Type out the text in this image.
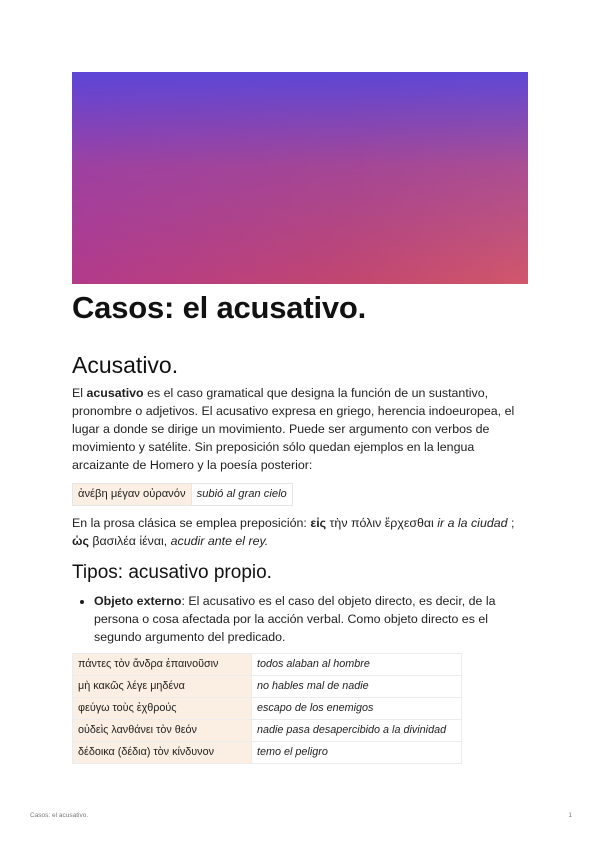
Casos: el acusativo.
Acusativo.

El acusativo es el caso gramatical que designa la función de un sustantivo, pronombre o adjetivos. El acusativo expresa en griego, herencia indoeuropea, el lugar a donde se dirige un movimiento. Puede ser argumento con verbos de movimiento y satélite. Sin preposición sólo quedan ejemplos en la lengua arcaizante de Homero y la poesía posterior:

ἀνέβη μέγαν οὐρανόν	subió al gran cielo

En la prosa clásica se emplea preposición: εἰς τὴν πόλιν ἔρχεσθαι ir a la ciudad ; ὡς βασιλέα ἰέναι, acudir ante el rey.

Tipos: acusativo propio.
• Objeto externo: El acusativo es el caso del objeto directo, es decir, de la persona o cosa afectada por la acción verbal. Como objeto directo es el segundo argumento del predicado.
πάντες τὸν ἄνδρα ἐπαινοῦσιν	todos alaban al hombre
μὴ κακῶς λέγε μηδένα	no hables mal de nadie
φεύγω τοὺς ἐχθρούς	escapo de los enemigos
οὐδεὶς λανθάνει τὸν θεόν	nadie pasa desapercibido a la divinidad
δέδοικα (δέδια) τὸν κίνδυνον	temo el peligro
Casos: el acusativo.	1
